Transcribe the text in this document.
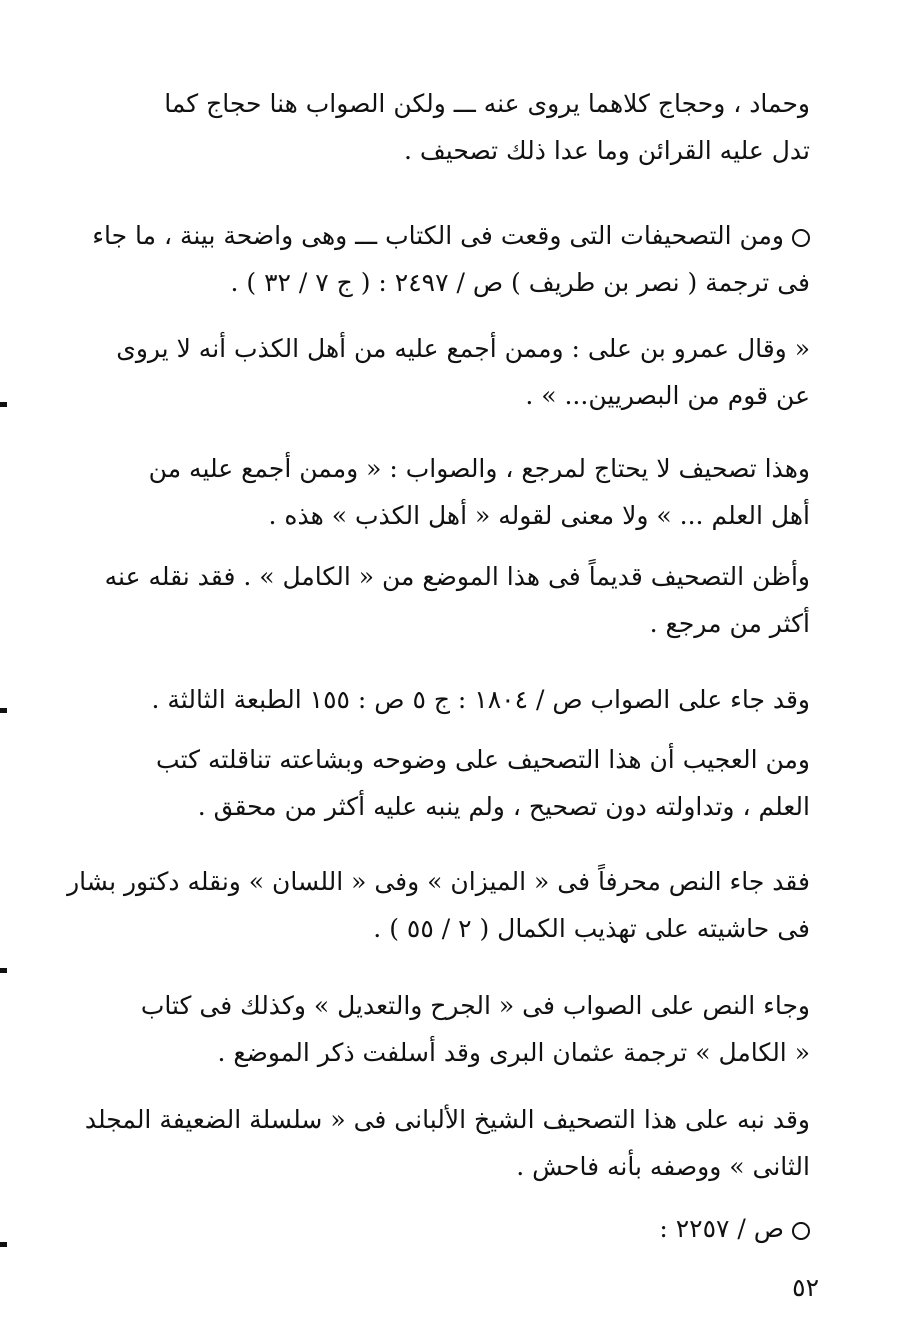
وحماد ، وحجاج كلاهما يروى عنه ـــ ولكن الصواب هنا حجاج كما
تدل عليه القرائن وما عدا ذلك تصحيف .
ومن التصحيفات التى وقعت فى الكتاب ـــ وهى واضحة بينة ، ما جاء
فى ترجمة ( نصر بن طريف ) ص / ٢٤٩٧ : ( ج ٧ / ٣٢ ) .
« وقال عمرو بن على : وممن أجمع عليه من أهل الكذب أنه لا يروى
عن قوم من البصريين... » .
وهذا تصحيف لا يحتاج لمرجع ، والصواب : « وممن أجمع عليه من
أهل العلم ... » ولا معنى لقوله « أهل الكذب » هذه .
وأظن التصحيف قديماً فى هذا الموضع من « الكامل » . فقد نقله عنه
أكثر من مرجع .
وقد جاء على الصواب ص / ١٨٠٤ : ج ٥ ص : ١٥٥ الطبعة الثالثة .
ومن العجيب أن هذا التصحيف على وضوحه وبشاعته تناقلته كتب
العلم ، وتداولته دون تصحيح ، ولم ينبه عليه أكثر من محقق .
فقد جاء النص محرفاً فى « الميزان » وفى « اللسان » ونقله دكتور بشار
فى حاشيته على تهذيب الكمال ( ٢ / ٥٥ ) .
وجاء النص على الصواب فى « الجرح والتعديل » وكذلك فى كتاب
« الكامل » ترجمة عثمان البرى وقد أسلفت ذكر الموضع .
وقد نبه على هذا التصحيف الشيخ الألبانى فى « سلسلة الضعيفة المجلد
الثانى » ووصفه بأنه فاحش .
ص / ٢٢٥٧ :
٥٢
